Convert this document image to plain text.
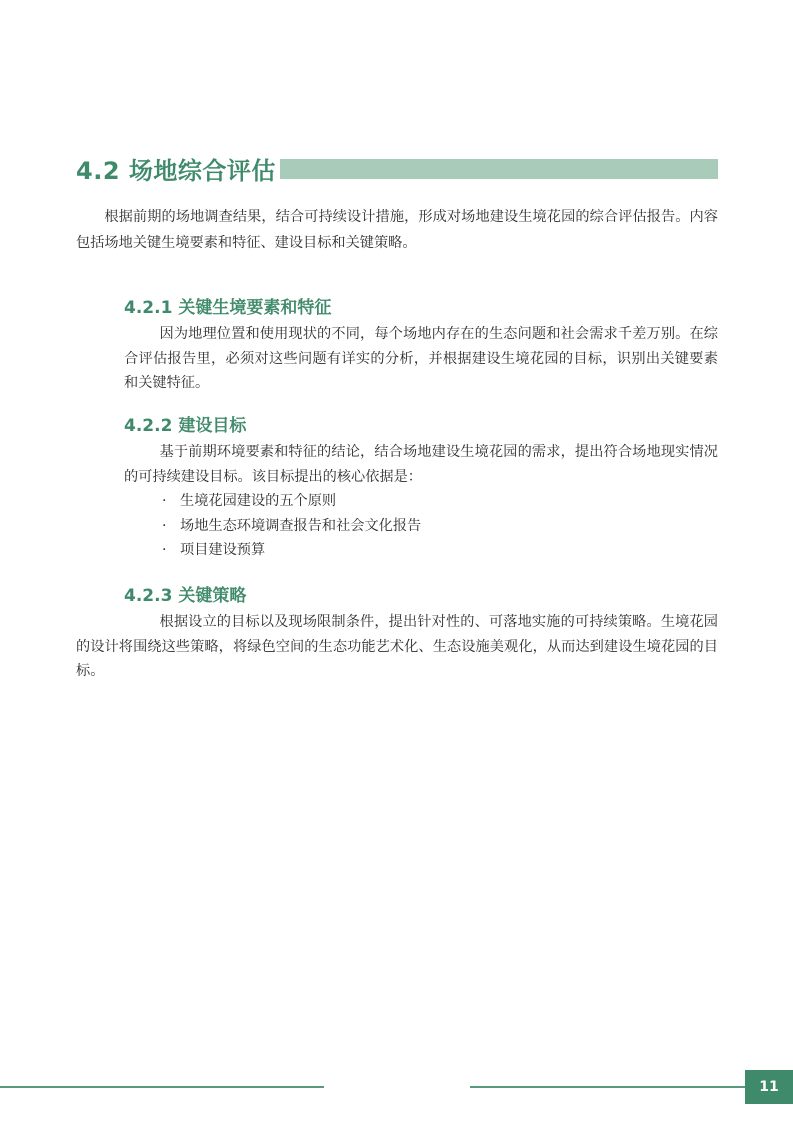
4.2 场地综合评估

根据前期的场地调查结果，结合可持续设计措施，形成对场地建设生境花园的综合评估报告。内容包括场地关键生境要素和特征、建设目标和关键策略。

4.2.1 关键生境要素和特征

因为地理位置和使用现状的不同，每个场地内存在的生态问题和社会需求千差万别。在综合评估报告里，必须对这些问题有详实的分析，并根据建设生境花园的目标，识别出关键要素和关键特征。

4.2.2 建设目标

基于前期环境要素和特征的结论，结合场地建设生境花园的需求，提出符合场地现实情况的可持续建设目标。该目标提出的核心依据是：

· 生境花园建设的五个原则
· 场地生态环境调查报告和社会文化报告
· 项目建设预算
4.2.3 关键策略

根据设立的目标以及现场限制条件，提出针对性的、可落地实施的可持续策略。生境花园的设计将围绕这些策略，将绿色空间的生态功能艺术化、生态设施美观化，从而达到建设生境花园的目标。

11
